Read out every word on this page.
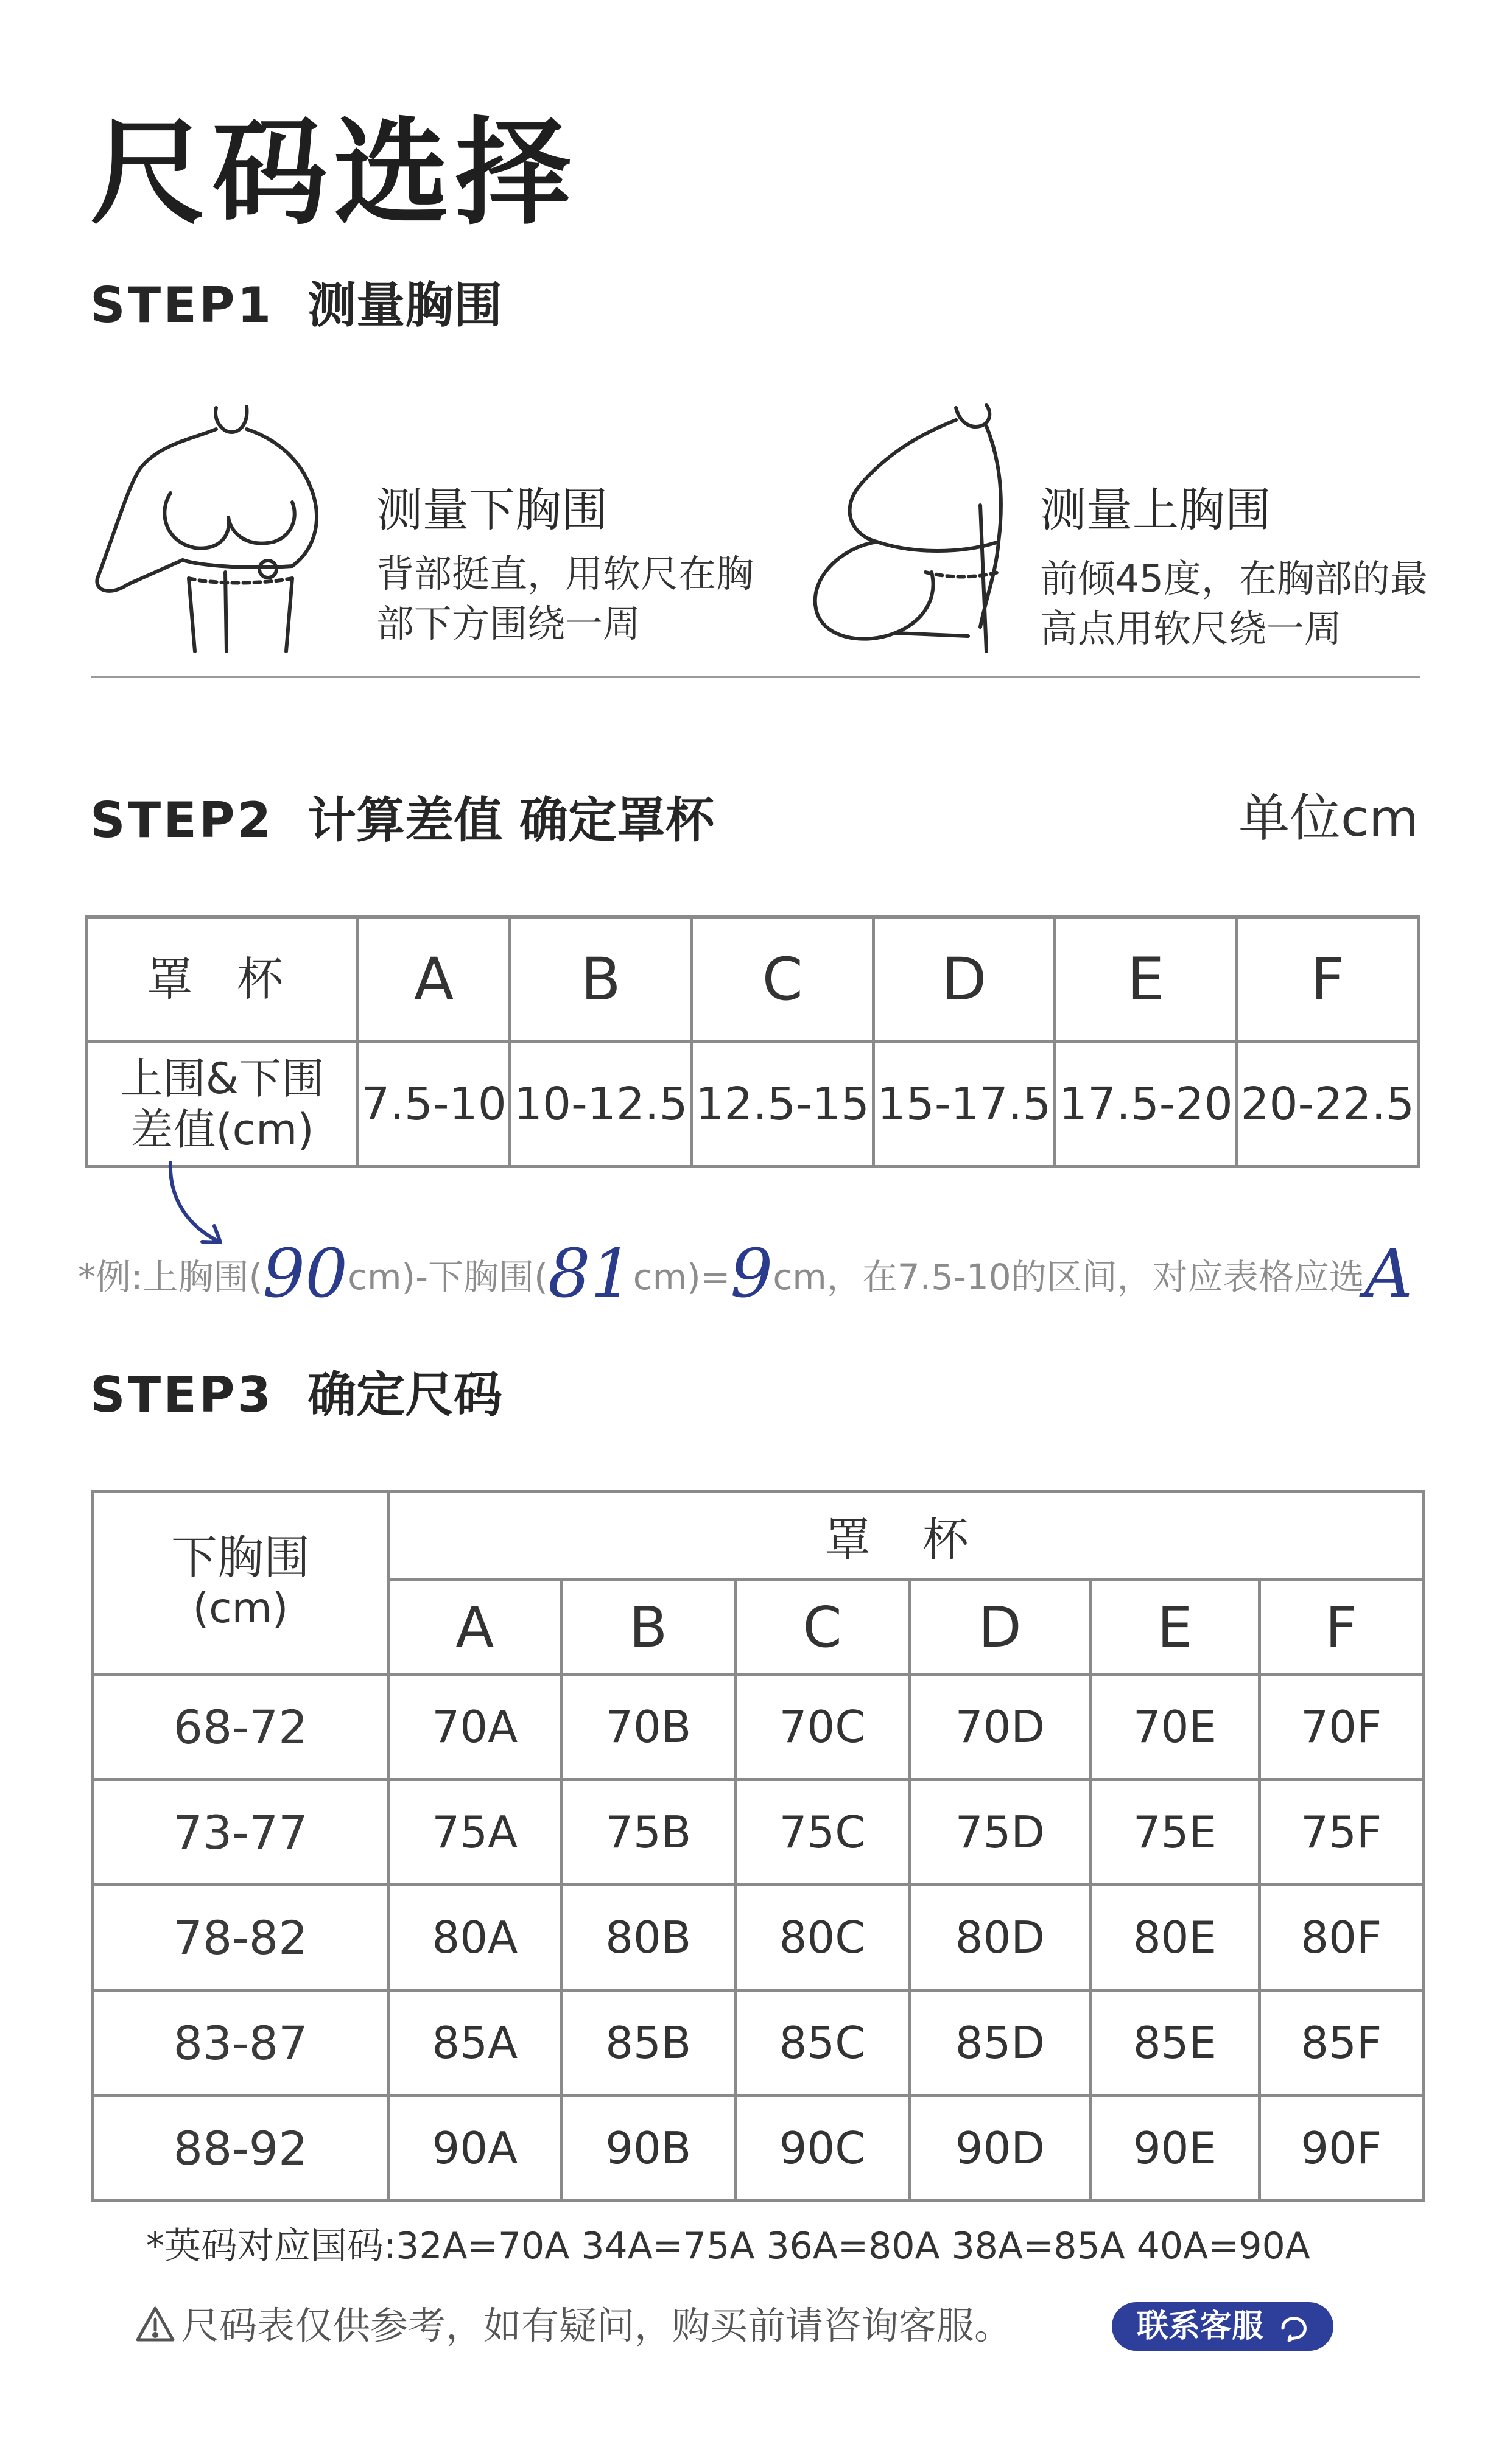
尺码选择
STEP1 测量胸围
测量下胸围
背部挺直，用软尺在胸部下方围绕一周
测量上胸围
前倾45度，在胸部的最高点用软尺绕一周
STEP2 计算差值 确定罩杯	单位cm
罩 杯	A	B	C	D	E	F

上围&下围
差值(cm)	7.5-10	10-12.5	12.5-15	15-17.5	17.5-20	20-22.5
*例:上胸围(90cm)-下胸围(81cm)=9cm，在7.5-10的区间，对应表格应选A
STEP3 确定尺码
下胸围
(cm)	罩 杯					
	A	B	C	D	E	F
68-72	70A	70B	70C	70D	70E	70F
73-77	75A	75B	75C	75D	75E	75F
78-82	80A	80B	80C	80D	80E	80F
83-87	85A	85B	85C	85D	85E	85F
88-92	90A	90B	90C	90D	90E	90F
*英码对应国码:32A=70A 34A=75A 36A=80A 38A=85A 40A=90A
尺码表仅供参考，如有疑问，购买前请咨询客服。	联系客服
